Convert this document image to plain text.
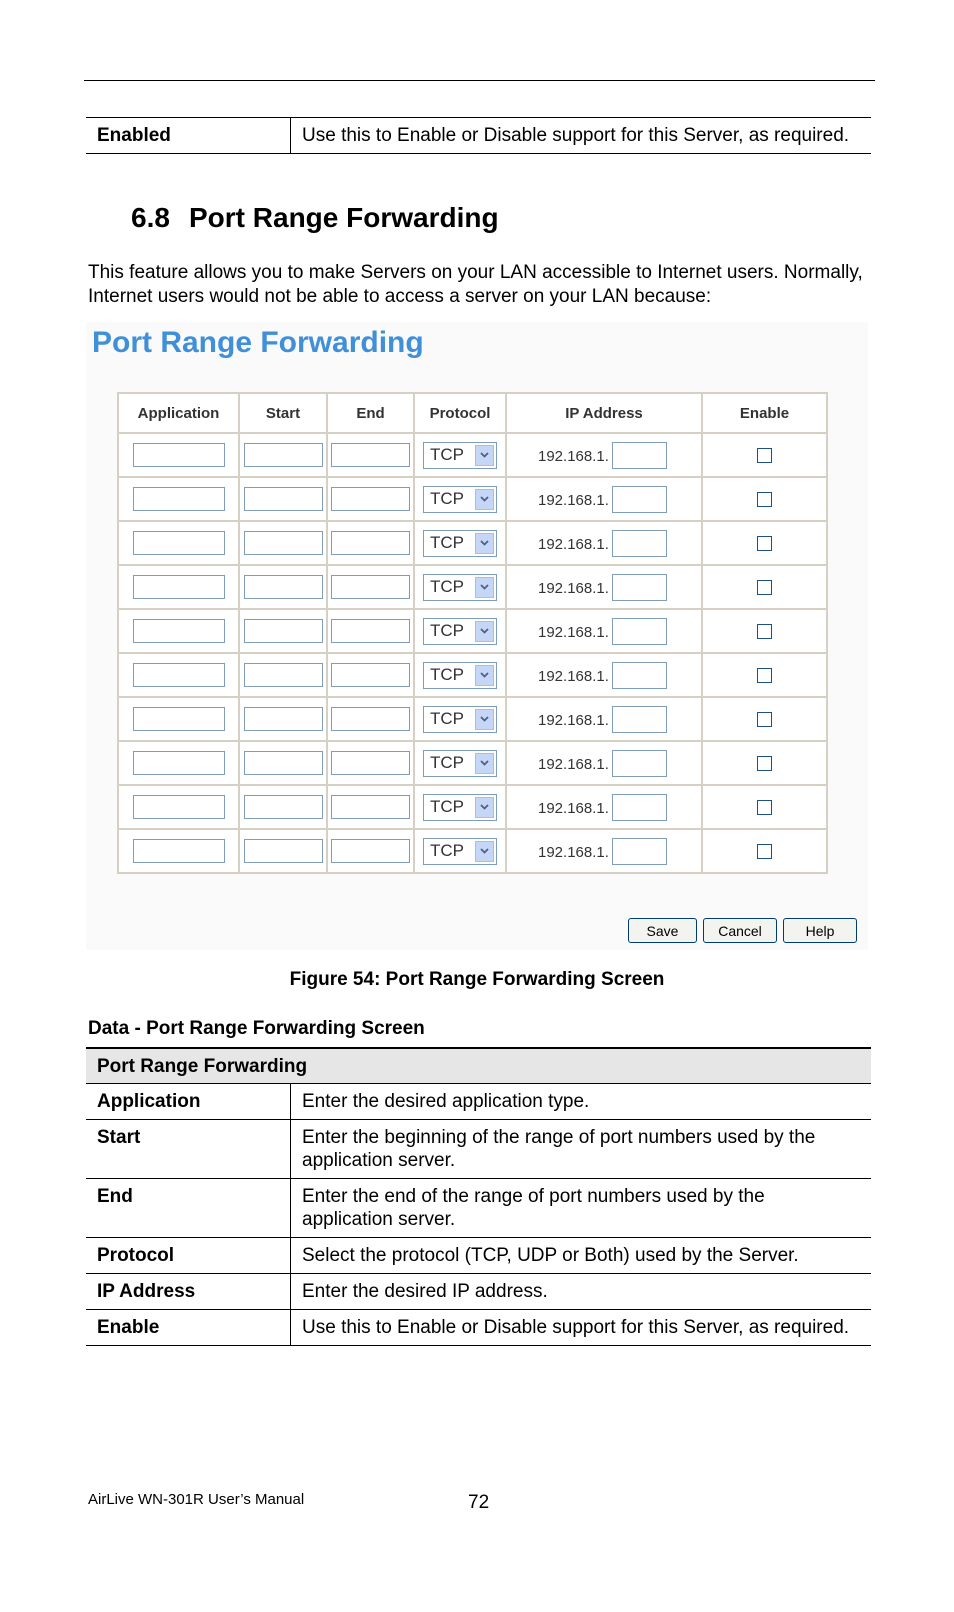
Enabled	Use this to Enable or Disable support for this Server, as required.
6.8 Port Range Forwarding

This feature allows you to make Servers on your LAN accessible to Internet users. Normally, Internet users would not be able to access a server on your LAN because:

Port Range Forwarding
Application	Start	End	Protocol	IP Address	Enable

			TCP	192.168.1.	

			TCP	192.168.1.	

			TCP	192.168.1.	

			TCP	192.168.1.	

			TCP	192.168.1.	

			TCP	192.168.1.	

			TCP	192.168.1.	

			TCP	192.168.1.	

			TCP	192.168.1.	

			TCP	192.168.1.	

Save	Cancel	Help

Figure 54: Port Range Forwarding Screen

Data - Port Range Forwarding Screen

Port Range Forwarding	
Application	Enter the desired application type.
Start	Enter the beginning of the range of port numbers used by the application server.
End	Enter the end of the range of port numbers used by the application server.
Protocol	Select the protocol (TCP, UDP or Both) used by the Server.
IP Address	Enter the desired IP address.
Enable	Use this to Enable or Disable support for this Server, as required.
AirLive WN-301R User’s Manual	72
